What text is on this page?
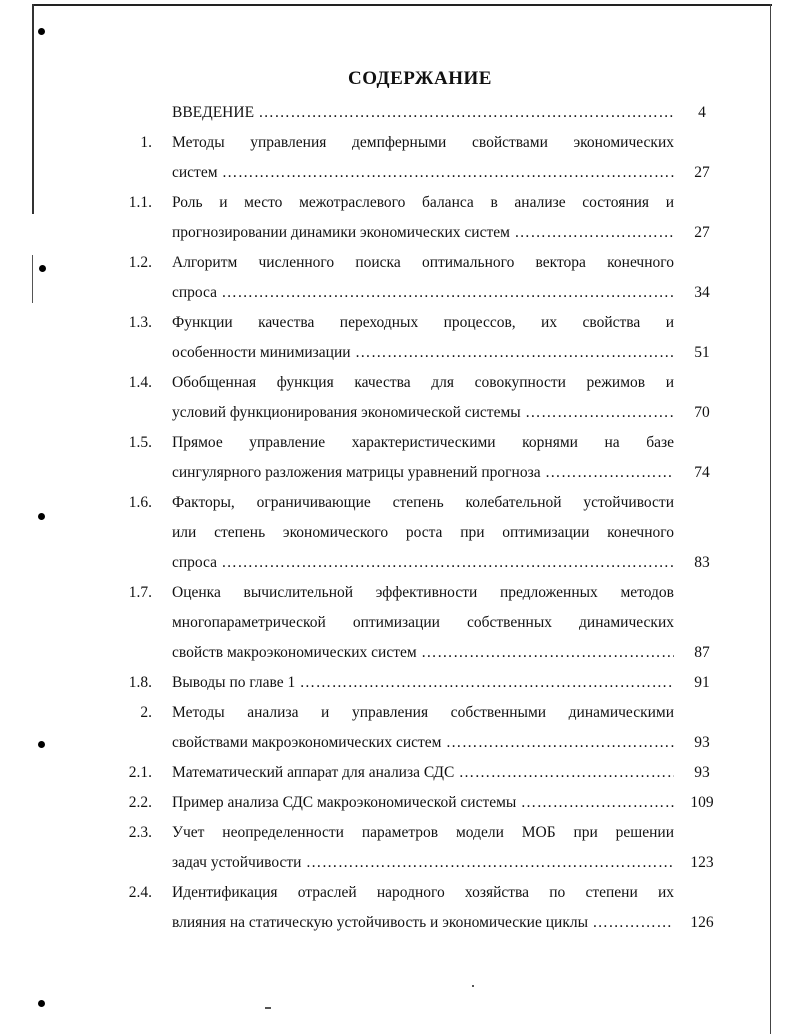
СОДЕРЖАНИЕ
ВВЕДЕНИЕ ……………………………………………………………………………………………………………………………………………	4
1. Методы управления демпферными свойствами экономических
систем ……………………………………………………………………………………………………………………………………………	27
1.1. Роль и место межотраслевого баланса в анализе состояния и
прогнозировании динамики экономических систем ……………………………………………………………………………………………………………………………………………	27
1.2. Алгоритм численного поиска оптимального вектора конечного
спроса ……………………………………………………………………………………………………………………………………………	34
1.3. Функции качества переходных процессов, их свойства и
особенности минимизации ……………………………………………………………………………………………………………………………………………	51
1.4. Обобщенная функция качества для совокупности режимов и
условий функционирования экономической системы ……………………………………………………………………………………………………………………………………………	70
1.5. Прямое управление характеристическими корнями на базе
сингулярного разложения матрицы уравнений прогноза ……………………………………………………………………………………………………………………………………………	74
1.6. Факторы, ограничивающие степень колебательной устойчивости
или степень экономического роста при оптимизации конечного
спроса ……………………………………………………………………………………………………………………………………………	83
1.7. Оценка вычислительной эффективности предложенных методов
многопараметрической оптимизации собственных динамических
свойств макроэкономических систем ……………………………………………………………………………………………………………………………………………	87
1.8. Выводы по главе 1 ……………………………………………………………………………………………………………………………………………	91
2. Методы анализа и управления собственными динамическими
свойствами макроэкономических систем ……………………………………………………………………………………………………………………………………………	93
2.1. Математический аппарат для анализа СДС ……………………………………………………………………………………………………………………………………………	93
2.2. Пример анализа СДС макроэкономической системы ……………………………………………………………………………………………………………………………………………	109
2.3. Учет неопределенности параметров модели МОБ при решении
задач устойчивости ……………………………………………………………………………………………………………………………………………	123
2.4. Идентификация отраслей народного хозяйства по степени их
влияния на статическую устойчивость и экономические циклы ……………………………………………………………………………………………………………………………………………	126
